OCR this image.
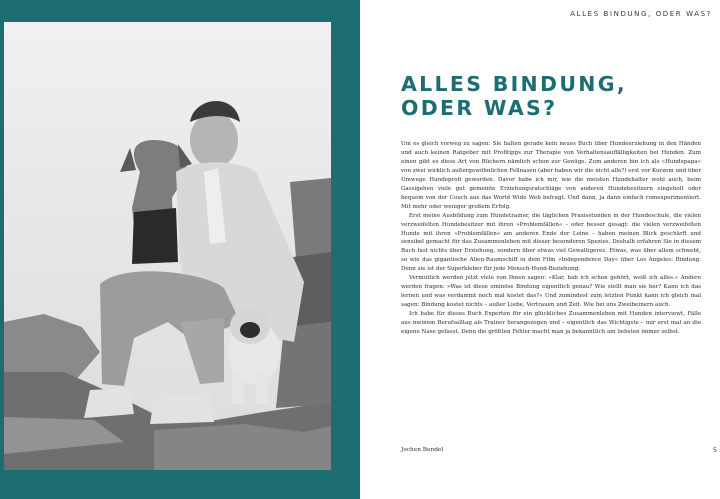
ALLES BINDUNG, ODER WAS?
ALLES BINDUNG,
ODER WAS?

Um es gleich vorweg zu sagen: Sie halten gerade kein neues Buch über Hundeerziehung in den Händen und auch keinen Ratgeber mit Profitipps zur Therapie von Verhaltensauffälligkeiten bei Hunden. Zum einen gibt es diese Art von Büchern nämlich schon zur Genüge. Zum anderen bin ich als »Hundepapa« von zwei wirklich außergewöhnlichen Fellnasen (aber haben wir die nicht alle?) erst vor Kurzem und über Umwege Hundeprofi geworden. Davor habe ich mir, wie die meisten Hundehalter wohl auch, beim Gassigehen viele gut gemeinte Erziehungsratschläge von anderen Hundebesitzern eingeholt oder bequem von der Couch aus das World Wide Web befragt. Und dann, ja dann einfach rumexperimentiert. Mit mehr oder weniger großem Erfolg.

Erst meine Ausbildung zum Hundetrainer, die täglichen Praxisstunden in der Hundeschule, die vielen verzweifelten Hundebesitzer mit ihren »Problemfällen« – oder besser gesagt: die vielen verzweifelten Hunde mit ihren »Problemfällen« am anderen Ende der Leine – haben meinen Blick geschärft und sensibel gemacht für das Zusammenleben mit dieser besonderen Spezies. Deshalb erfahren Sie in diesem Buch fast nichts über Erziehung, sondern über etwas viel Gewaltigeres. Etwas, was über allem schwebt, so wie das gigantische Alien-Raumschiff in dem Film »Independence Day« über Los Angeles: Bindung. Denn sie ist der Superkleber für jede Mensch-Hund-Beziehung.

Vermutlich werden jetzt viele von Ihnen sagen: »Klar, hab ich schon gehört, weiß ich alles.« Andere werden fragen: »Was ist diese ominöse Bindung eigentlich genau? Wie stellt man sie her? Kann ich das lernen und was verdammt noch mal kostet das?« Und zumindest zum letzten Punkt kann ich gleich mal sagen: Bindung kostet nichts – außer Liebe, Vertrauen und Zeit. Wie bei uns Zweibeinern auch.

Ich habe für dieses Buch Experten für ein glückliches Zusammenleben mit Hunden interviewt, Fälle aus meinem Berufsalltag als Trainer herangezogen und – eigentlich das Wichtigste – mir erst mal an die eigene Nase gefasst. Denn die größten Fehler macht man ja bekanntlich am liebsten immer selbst.

Jochen Bendel	5
